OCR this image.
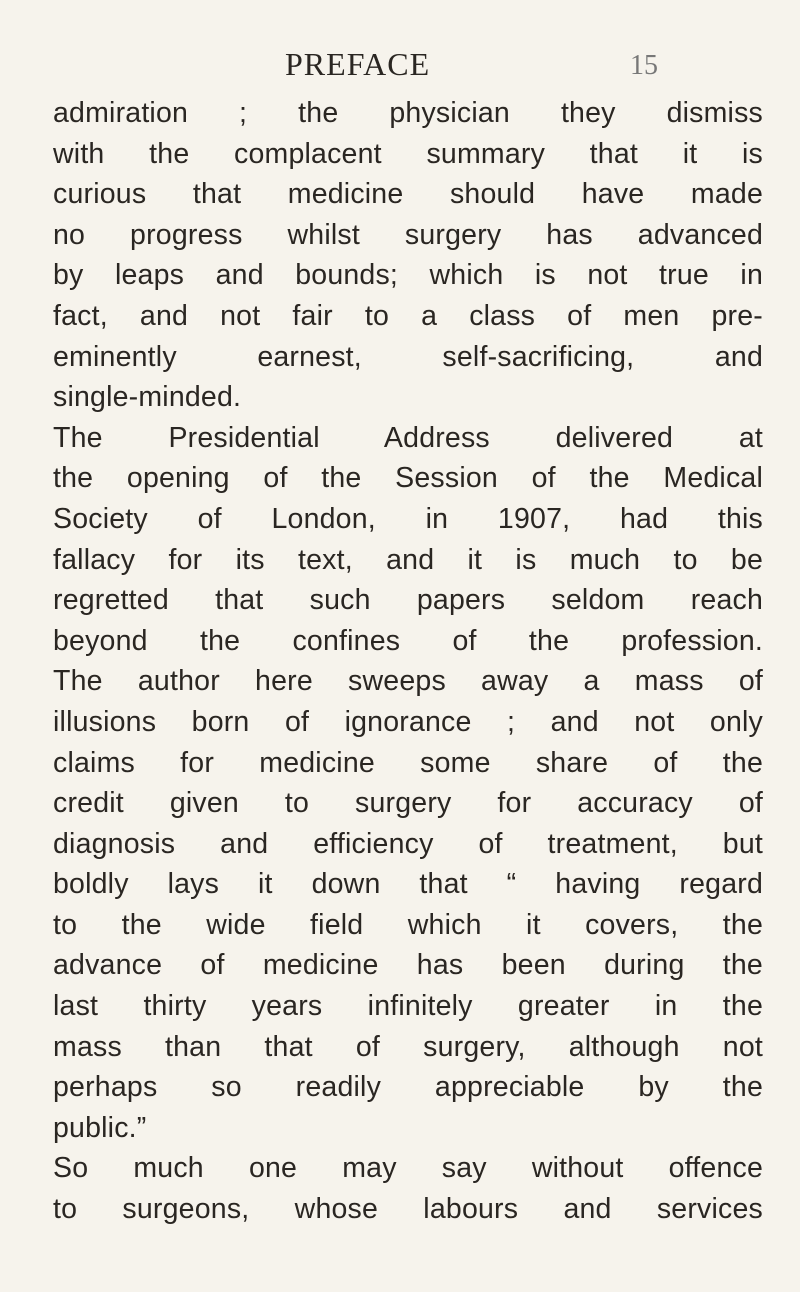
PREFACE	15
admiration ; the physician they dismiss
with the complacent summary that it is
curious that medicine should have made
no progress whilst surgery has advanced
by leaps and bounds; which is not true in
fact, and not fair to a class of men pre-
eminently earnest, self-sacrificing, and
single-minded.
The Presidential Address delivered at
the opening of the Session of the Medical
Society of London, in 1907, had this
fallacy for its text, and it is much to be
regretted that such papers seldom reach
beyond the confines of the profession.
The author here sweeps away a mass of
illusions born of ignorance ; and not only
claims for medicine some share of the
credit given to surgery for accuracy of
diagnosis and efficiency of treatment, but
boldly lays it down that “ having regard
to the wide field which it covers, the
advance of medicine has been during the
last thirty years infinitely greater in the
mass than that of surgery, although not
perhaps so readily appreciable by the
public.”
So much one may say without offence
to surgeons, whose labours and services
